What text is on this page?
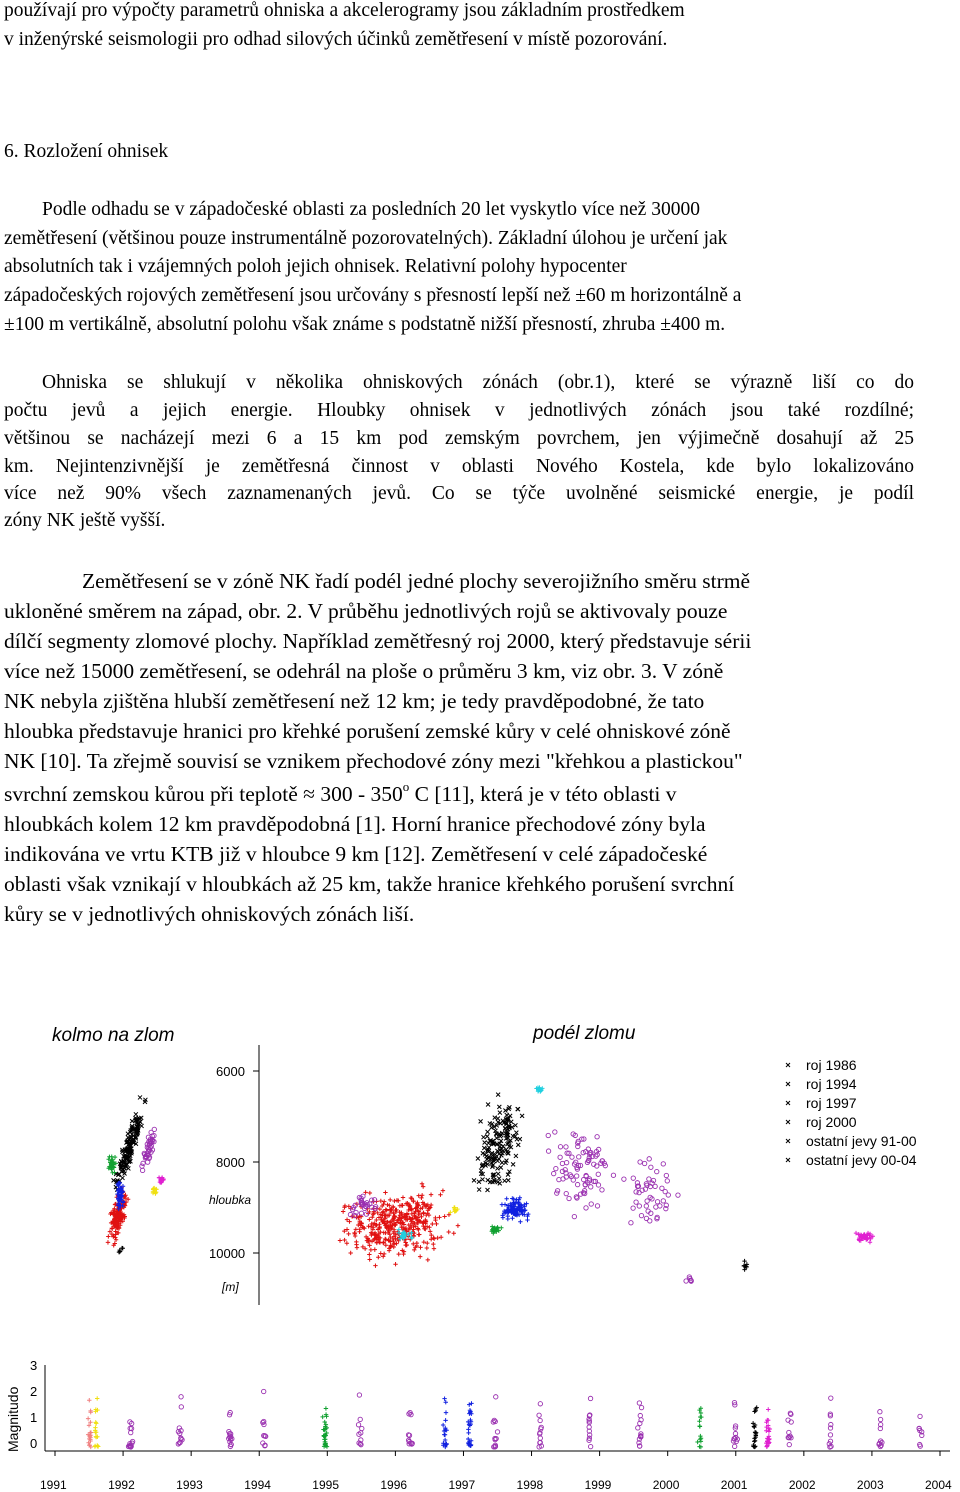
používají pro výpočty parametrů ohniska a akcelerogramy jsou základním prostředkem
v inženýrské seismologii pro odhad silových účinků zemětřesení v místě pozorování.
6. Rozložení ohnisek
Podle odhadu se v západočeské oblasti za posledních 20 let vyskytlo více než 30000
zemětřesení (většinou pouze instrumentálně pozorovatelných). Základní úlohou je určení jak
absolutních tak i vzájemných poloh jejich ohnisek. Relativní polohy hypocenter
západočeských rojových zemětřesení jsou určovány s přesností lepší než ±60 m horizontálně a
±100 m vertikálně, absolutní polohu však známe s podstatně nižší přesností, zhruba ±400 m.
Ohniska se shlukují v několika ohniskových zónách (obr.1), které se výrazně liší co do
počtu jevů a jejich energie. Hloubky ohnisek v jednotlivých zónách jsou také rozdílné;
většinou se nacházejí mezi 6 a 15 km pod zemským povrchem, jen výjimečně dosahují až 25
km. Nejintenzivnější je zemětřesná činnost v oblasti Nového Kostela, kde bylo lokalizováno
více než 90% všech zaznamenaných jevů. Co se týče uvolněné seismické energie, je podíl
zóny NK ještě vyšší.
Zemětřesení se v zóně NK řadí podél jedné plochy severojižního směru strmě
ukloněné směrem na západ, obr. 2. V průběhu jednotlivých rojů se aktivovaly pouze
dílčí segmenty zlomové plochy. Například zemětřesný roj 2000, který představuje sérii
více než 15000 zemětřesení, se odehrál na ploše o průměru 3 km, viz obr. 3. V zóně
NK nebyla zjištěna hlubší zemětřesení než 12 km; je tedy pravděpodobné, že tato
hloubka představuje hranici pro křehké porušení zemské kůry v celé ohniskové zóně
NK [10]. Ta zřejmě souvisí se vznikem přechodové zóny mezi "křehkou a plastickou"
svrchní zemskou kůrou při teplotě ≈ 300 - 350$^o$ C [11], která je v této oblasti v
hloubkách kolem 12 km pravděpodobná [1]. Horní hranice přechodové zóny byla
indikována ve vrtu KTB již v hloubce 9 km [12]. Zemětřesení v celé západočeské
oblasti však vznikají v hloubkách až 25 km, takže hranice křehkého porušení svrchní
kůry se v jednotlivých ohniskových zónách liší.
kolmo na zlom	podél zlomu
6000
8000
10000
hloubka
[m]
roj 1986
roj 1994
roj 1997
roj 2000
ostatní jevy 91-00
ostatní jevy 00-04
Magnitudo
3
2
1
0
1991	1992	1993	1994	1995	1996	1997	1998	1999	2000	2001	2002	2003	2004
